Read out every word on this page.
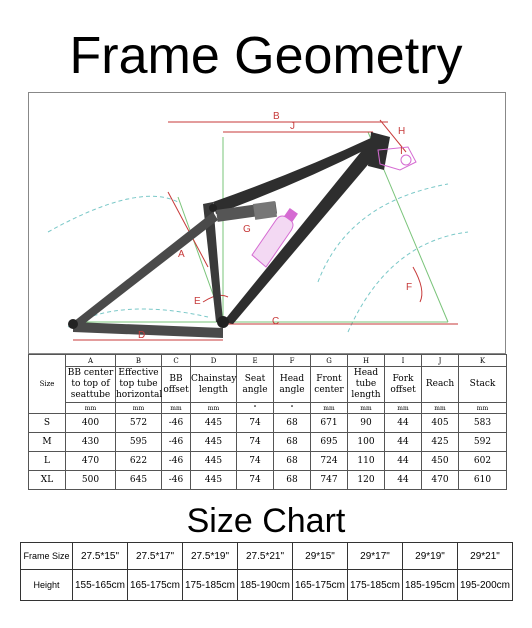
Frame Geometry
B
J	H
I
F
A
E
D
C
G
Size	A	B	C	D	E	F	G	H	I	J	K
	BB center to top of seattube	Effective top tube horizontal	BB offset	Chainstay length	Seat angle	Head angle	Front center	Head tube length	Fork offset	Reach	Stack
	mm	mm	mm	mm	°	°	mm	mm	mm	mm	mm
S	400	572	-46	445	74	68	671	90	44	405	583
M	430	595	-46	445	74	68	695	100	44	425	592
L	470	622	-46	445	74	68	724	110	44	450	602
XL	500	645	-46	445	74	68	747	120	44	470	610
Size Chart
Frame Size	27.5*15"	27.5*17"	27.5*19"	27.5*21"	29*15"	29*17"	29*19"	29*21"
Height	155-165cm	165-175cm	175-185cm	185-190cm	165-175cm	175-185cm	185-195cm	195-200cm
